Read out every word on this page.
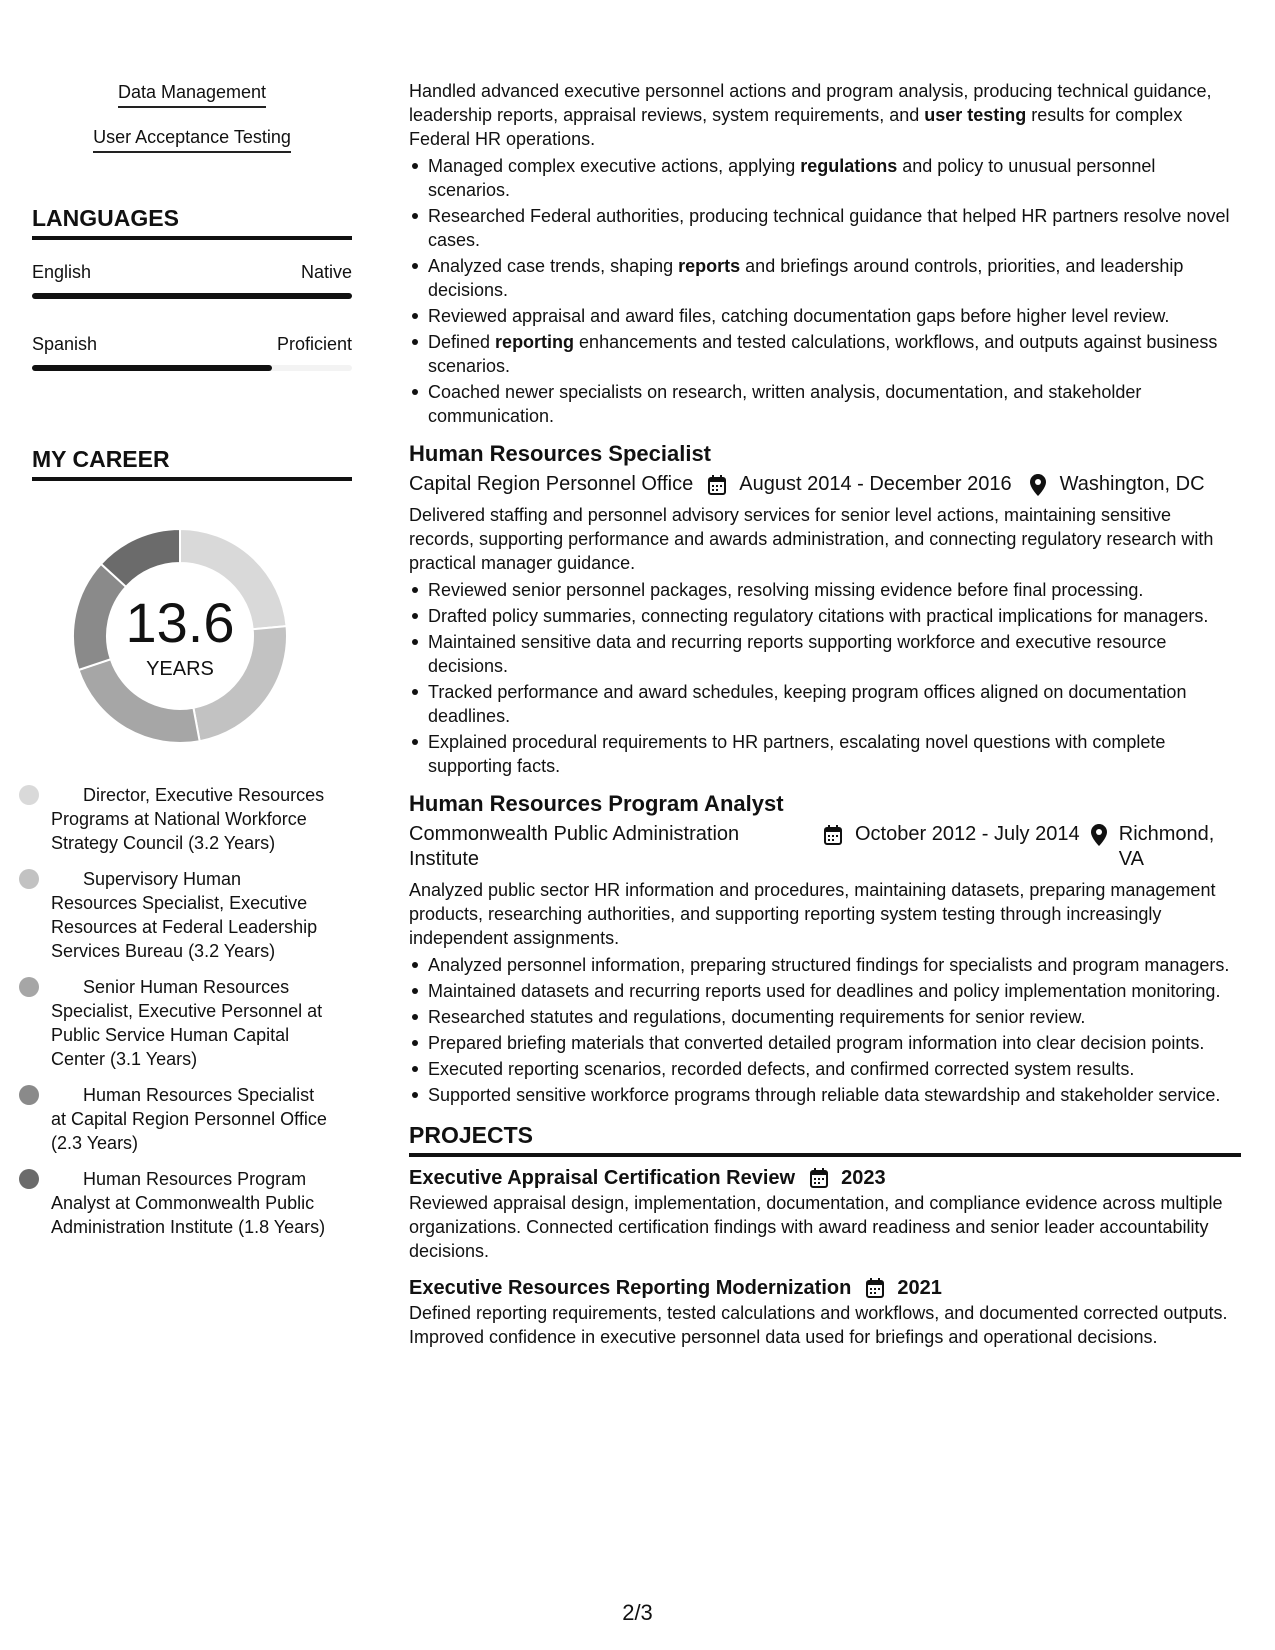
Data Management
User Acceptance Testing
LANGUAGES
English	Native
Spanish	Proficient
MY CAREER
13.6
YEARS
Director, Executive Resources Programs at National Workforce Strategy Council (3.2 Years)
Supervisory Human Resources Specialist, Executive Resources at Federal Leadership Services Bureau (3.2 Years)
Senior Human Resources Specialist, Executive Personnel at Public Service Human Capital Center (3.1 Years)
Human Resources Specialist at Capital Region Personnel Office (2.3 Years)
Human Resources Program Analyst at Commonwealth Public Administration Institute (1.8 Years)
Handled advanced executive personnel actions and program analysis, producing technical guidance, leadership reports, appraisal reviews, system requirements, and user testing results for complex Federal HR operations.
Managed complex executive actions, applying regulations and policy to unusual personnel scenarios.
Researched Federal authorities, producing technical guidance that helped HR partners resolve novel cases.
Analyzed case trends, shaping reports and briefings around controls, priorities, and leadership decisions.
Reviewed appraisal and award files, catching documentation gaps before higher level review.
Defined reporting enhancements and tested calculations, workflows, and outputs against business scenarios.
Coached newer specialists on research, written analysis, documentation, and stakeholder communication.
Human Resources Specialist
Capital Region Personnel Office August 2014 - December 2016 Washington, DC
Delivered staffing and personnel advisory services for senior level actions, maintaining sensitive records, supporting performance and awards administration, and connecting regulatory research with practical manager guidance.
Reviewed senior personnel packages, resolving missing evidence before final processing.
Drafted policy summaries, connecting regulatory citations with practical implications for managers.
Maintained sensitive data and recurring reports supporting workforce and executive resource decisions.
Tracked performance and award schedules, keeping program offices aligned on documentation deadlines.
Explained procedural requirements to HR partners, escalating novel questions with complete supporting facts.
Human Resources Program Analyst
Commonwealth Public Administration Institute
October 2012 - July 2014 Richmond, VA
Analyzed public sector HR information and procedures, maintaining datasets, preparing management products, researching authorities, and supporting reporting system testing through increasingly independent assignments.
Analyzed personnel information, preparing structured findings for specialists and program managers.
Maintained datasets and recurring reports used for deadlines and policy implementation monitoring.
Researched statutes and regulations, documenting requirements for senior review.
Prepared briefing materials that converted detailed program information into clear decision points.
Executed reporting scenarios, recorded defects, and confirmed corrected system results.
Supported sensitive workforce programs through reliable data stewardship and stakeholder service.
PROJECTS
Executive Appraisal Certification Review 2023
Reviewed appraisal design, implementation, documentation, and compliance evidence across multiple organizations. Connected certification findings with award readiness and senior leader accountability decisions.
Executive Resources Reporting Modernization 2021
Defined reporting requirements, tested calculations and workflows, and documented corrected outputs. Improved confidence in executive personnel data used for briefings and operational decisions.
2/3
